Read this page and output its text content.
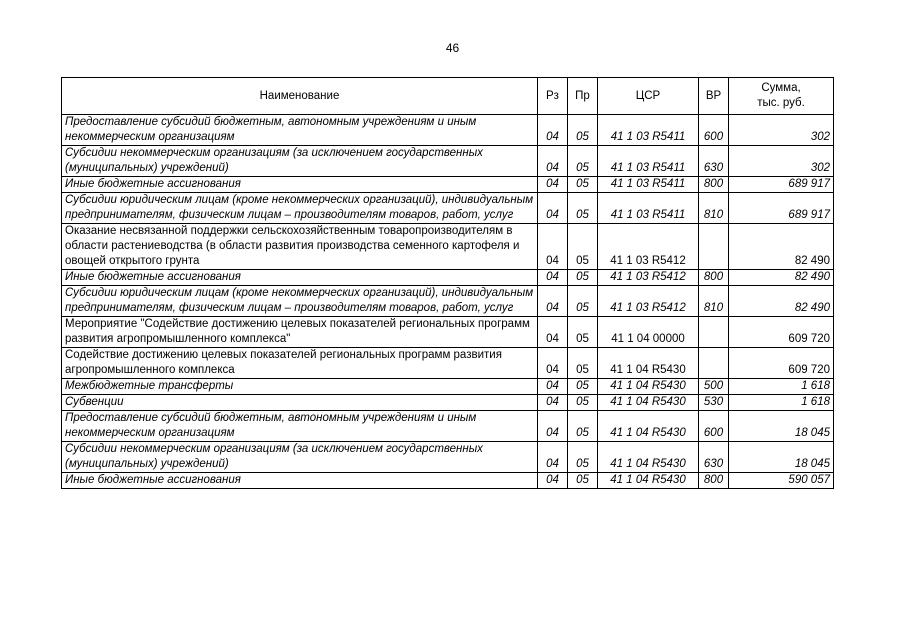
46
Наименование	Рз	Пр	ЦСР	ВР	Сумма,
тыс. руб.

Предоставление субсидий бюджетным, автономным учреждениям и иным некоммерческим организациям	04	05	41 1 03 R5411	600	302
Субсидии некоммерческим организациям (за исключением государственных (муниципальных) учреждений)	04	05	41 1 03 R5411	630	302
Иные бюджетные ассигнования	04	05	41 1 03 R5411	800	689 917
Субсидии юридическим лицам (кроме некоммерческих организаций), индивидуальным предпринимателям, физическим лицам – производителям товаров, работ, услуг	04	05	41 1 03 R5411	810	689 917
Оказание несвязанной поддержки сельскохозяйственным товаропроизводителям в области растениеводства (в области развития производства семенного картофеля и овощей открытого грунта	04	05	41 1 03 R5412		82 490
Иные бюджетные ассигнования	04	05	41 1 03 R5412	800	82 490
Субсидии юридическим лицам (кроме некоммерческих организаций), индивидуальным предпринимателям, физическим лицам – производителям товаров, работ, услуг	04	05	41 1 03 R5412	810	82 490
Мероприятие "Содействие достижению целевых показателей региональных программ развития агропромышленного комплекса"	04	05	41 1 04 00000		609 720
Содействие достижению целевых показателей региональных программ развития агропромышленного комплекса	04	05	41 1 04 R5430		609 720
Межбюджетные трансферты	04	05	41 1 04 R5430	500	1 618
Субвенции	04	05	41 1 04 R5430	530	1 618
Предоставление субсидий бюджетным, автономным учреждениям и иным некоммерческим организациям	04	05	41 1 04 R5430	600	18 045
Субсидии некоммерческим организациям (за исключением государственных (муниципальных) учреждений)	04	05	41 1 04 R5430	630	18 045
Иные бюджетные ассигнования	04	05	41 1 04 R5430	800	590 057
